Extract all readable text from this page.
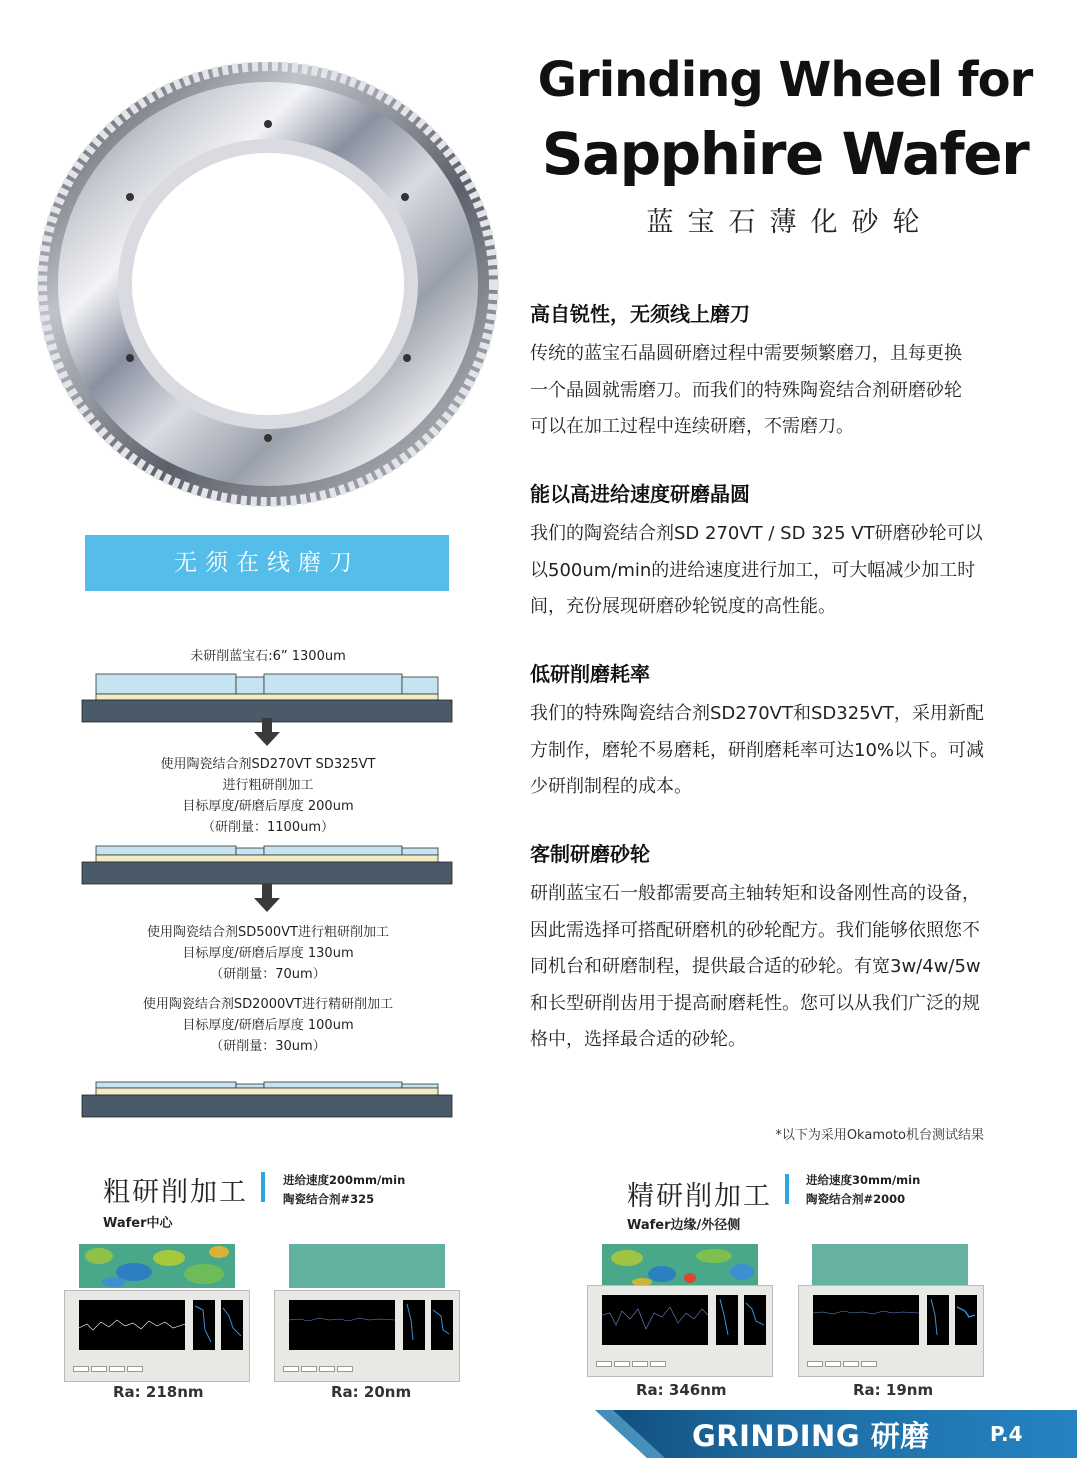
Grinding Wheel for
Sapphire Wafer
蓝宝石薄化砂轮
无须在线磨刀
未研削蓝宝石:6” 1300um
使用陶瓷结合剂SD270VT SD325VT
进行粗研削加工
目标厚度/研磨后厚度 200um
（研削量：1100um）
使用陶瓷结合剂SD500VT进行粗研削加工
目标厚度/研磨后厚度 130um
（研削量：70um）
使用陶瓷结合剂SD2000VT进行精研削加工
目标厚度/研磨后厚度 100um
（研削量：30um）
高自锐性，无须线上磨刀

传统的蓝宝石晶圆研磨过程中需要频繁磨刀，且每更换

一个晶圆就需磨刀。而我们的特殊陶瓷结合剂研磨砂轮

可以在加工过程中连续研磨，不需磨刀。

能以高进给速度研磨晶圆

我们的陶瓷结合剂SD 270VT / SD 325 VT研磨砂轮可以

以500um/min的进给速度进行加工，可大幅减少加工时

间，充份展现研磨砂轮锐度的高性能。

低研削磨耗率

我们的特殊陶瓷结合剂SD270VT和SD325VT，采用新配

方制作，磨轮不易磨耗，研削磨耗率可达10%以下。可减

少研削制程的成本。

客制研磨砂轮

研削蓝宝石一般都需要高主轴转矩和设备刚性高的设备，

因此需选择可搭配研磨机的砂轮配方。我们能够依照您不

同机台和研磨制程，提供最合适的砂轮。有宽3w/4w/5w

和长型研削齿用于提高耐磨耗性。您可以从我们广泛的规

格中，选择最合适的砂轮。

*以下为采用Okamoto机台测试结果
粗研削加工	进给速度200mm/min
陶瓷结合剂#325
Wafer中心
Ra: 218nm	Ra: 20nm
精研削加工
进给速度30mm/min
陶瓷结合剂#2000
Wafer边缘/外径侧
Ra: 346nm	Ra: 19nm
GRINDING 研磨	P.4
